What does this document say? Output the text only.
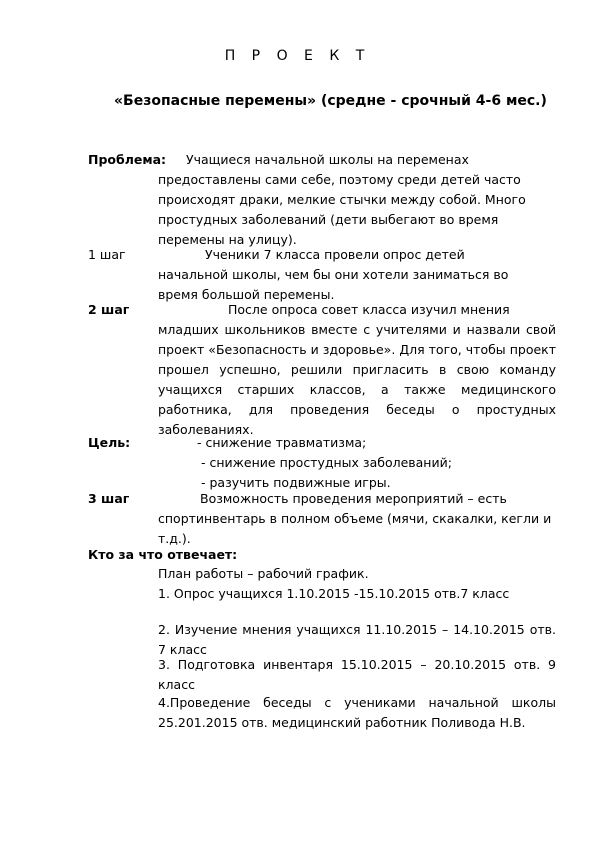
П Р О Е К Т
«Безопасные перемены» (средне - срочный 4-6 мес.)
Проблема: Учащиеся начальной школы на переменах
предоставлены сами себе, поэтому среди детей часто происходят драки, мелкие стычки между собой. Много простудных заболеваний (дети выбегают во время перемены на улицу).
1 шаг	Ученики 7 класса провели опрос детей
начальной школы, чем бы они хотели заниматься во время большой перемены.
2 шаг	После опроса совет класса изучил мнения
младших школьников вместе с учителями и назвали свой проект «Безопасность и здоровье». Для того, чтобы проект прошел успешно, решили пригласить в свою команду учащихся старших классов, а также медицинского работника, для проведения беседы о простудных заболеваниях.
Цель:	- снижение травматизма;
- снижение простудных заболеваний;
- разучить подвижные игры.
3 шаг	Возможность проведения мероприятий – есть
спортинвентарь в полном объеме (мячи, скакалки, кегли и т.д.).
Кто за что отвечает:
План работы – рабочий график.
1. Опрос учащихся 1.10.2015 -15.10.2015 отв.7 класс
2. Изучение мнения учащихся 11.10.2015 – 14.10.2015 отв. 7 класс
3. Подготовка инвентаря 15.10.2015 – 20.10.2015 отв. 9 класс
4.Проведение беседы с учениками начальной школы 25.201.2015 отв. медицинский работник Поливода Н.В.
